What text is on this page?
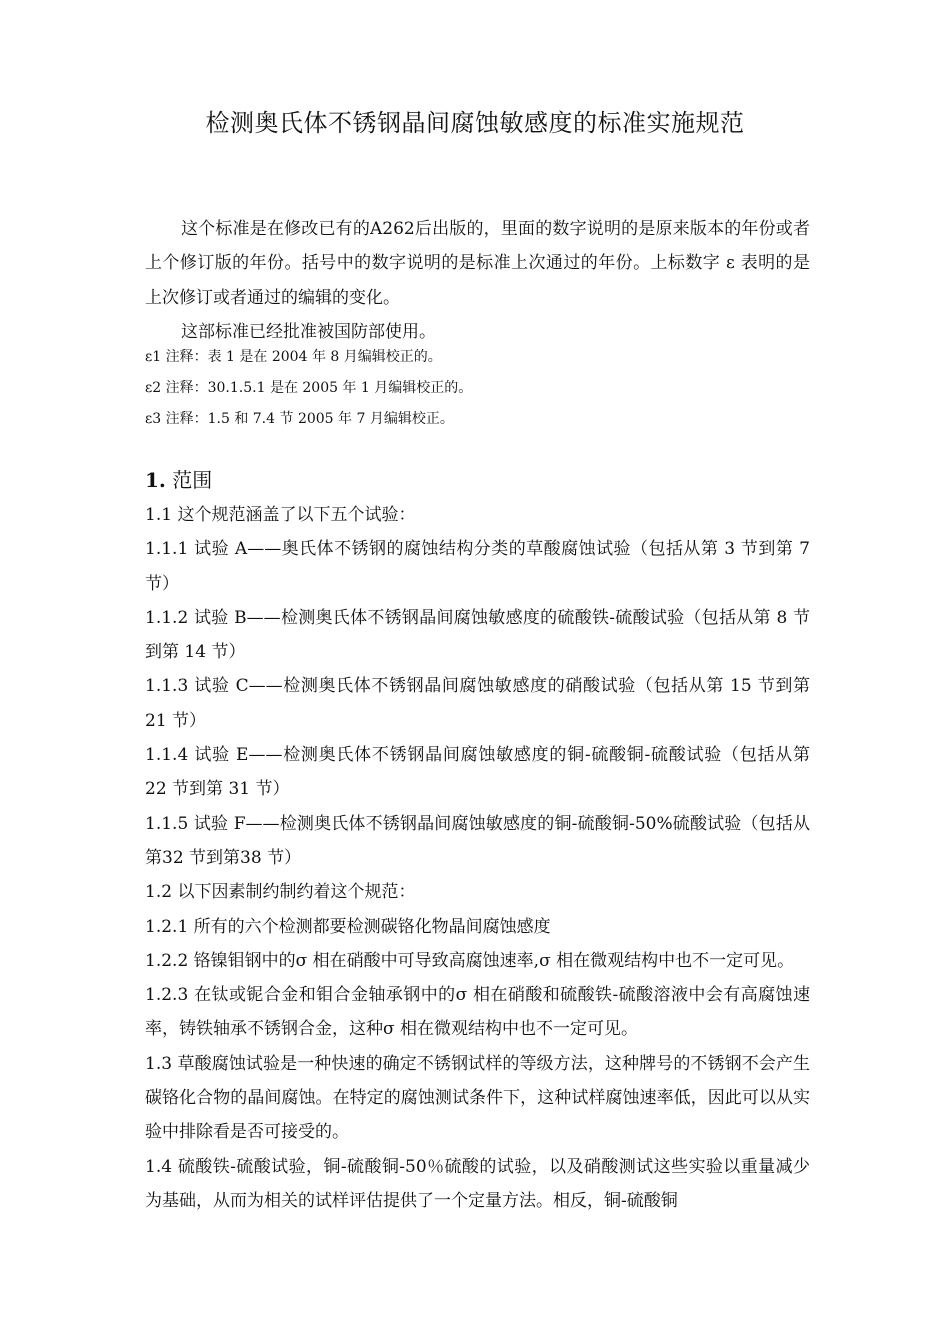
检测奥氏体不锈钢晶间腐蚀敏感度的标准实施规范

这个标准是在修改已有的A262后出版的，里面的数字说明的是原来版本的年份或者上个修订版的年份。括号中的数字说明的是标准上次通过的年份。上标数字 ε 表明的是上次修订或者通过的编辑的变化。

这部标准已经批准被国防部使用。

ε1 注释：表 1 是在 2004 年 8 月编辑校正的。
ε2 注释：30.1.5.1 是在 2005 年 1 月编辑校正的。
ε3 注释：1.5 和 7.4 节 2005 年 7 月编辑校正。
1. 范围

1.1 这个规范涵盖了以下五个试验：

1.1.1 试验 A——奥氏体不锈钢的腐蚀结构分类的草酸腐蚀试验（包括从第 3 节到第 7 节）

1.1.2 试验 B——检测奥氏体不锈钢晶间腐蚀敏感度的硫酸铁-硫酸试验（包括从第 8 节到第 14 节）

1.1.3 试验 C——检测奥氏体不锈钢晶间腐蚀敏感度的硝酸试验（包括从第 15 节到第 21 节）

1.1.4 试验 E——检测奥氏体不锈钢晶间腐蚀敏感度的铜-硫酸铜-硫酸试验（包括从第 22 节到第 31 节）

1.1.5 试验 F——检测奥氏体不锈钢晶间腐蚀敏感度的铜-硫酸铜-50%硫酸试验（包括从第32 节到第38 节）

1.2 以下因素制约制约着这个规范：

1.2.1 所有的六个检测都要检测碳铬化物晶间腐蚀感度

1.2.2 铬镍钼钢中的σ 相在硝酸中可导致高腐蚀速率,σ 相在微观结构中也不一定可见。

1.2.3 在钛或铌合金和钼合金轴承钢中的σ 相在硝酸和硫酸铁-硫酸溶液中会有高腐蚀速率，铸铁轴承不锈钢合金，这种σ 相在微观结构中也不一定可见。

1.3 草酸腐蚀试验是一种快速的确定不锈钢试样的等级方法，这种牌号的不锈钢不会产生碳铬化合物的晶间腐蚀。在特定的腐蚀测试条件下，这种试样腐蚀速率低，因此可以从实验中排除看是否可接受的。

1.4 硫酸铁-硫酸试验，铜-硫酸铜-50％硫酸的试验，以及硝酸测试这些实验以重量减少为基础，从而为相关的试样评估提供了一个定量方法。相反，铜-硫酸铜
